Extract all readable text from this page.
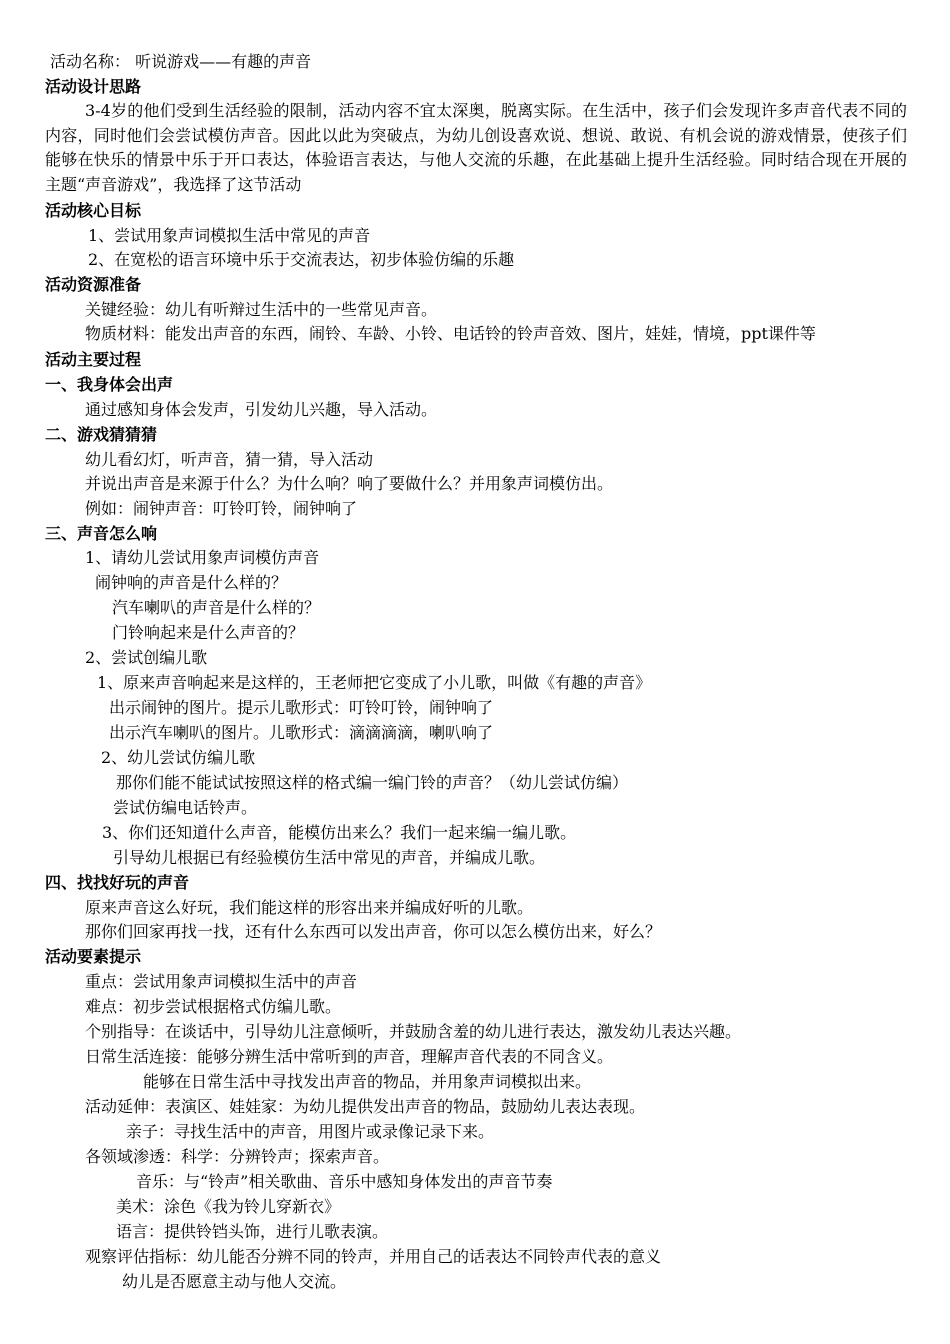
活动名称： 听说游戏——有趣的声音
活动设计思路
3-4岁的他们受到生活经验的限制，活动内容不宜太深奥，脱离实际。在生活中，孩子们会发现许多声音代表不同的内容，同时他们会尝试模仿声音。因此以此为突破点，为幼儿创设喜欢说、想说、敢说、有机会说的游戏情景，使孩子们能够在快乐的情景中乐于开口表达，体验语言表达，与他人交流的乐趣，在此基础上提升生活经验。同时结合现在开展的主题“声音游戏”，我选择了这节活动
活动核心目标
1、尝试用象声词模拟生活中常见的声音
2、在宽松的语言环境中乐于交流表达，初步体验仿编的乐趣
活动资源准备
关键经验：幼儿有听辩过生活中的一些常见声音。
物质材料：能发出声音的东西，闹铃、车龄、小铃、电话铃的铃声音效、图片，娃娃，情境，ppt课件等
活动主要过程
一、我身体会出声
通过感知身体会发声，引发幼儿兴趣，导入活动。
二、游戏猜猜猜
幼儿看幻灯，听声音，猜一猜，导入活动
并说出声音是来源于什么？为什么响？响了要做什么？并用象声词模仿出。
例如：闹钟声音：叮铃叮铃，闹钟响了
三、声音怎么响
1、请幼儿尝试用象声词模仿声音
闹钟响的声音是什么样的？
汽车喇叭的声音是什么样的？
门铃响起来是什么声音的？
2、尝试创编儿歌
1、原来声音响起来是这样的，王老师把它变成了小儿歌，叫做《有趣的声音》
出示闹钟的图片。提示儿歌形式：叮铃叮铃，闹钟响了
出示汽车喇叭的图片。儿歌形式：滴滴滴滴，喇叭响了
2、幼儿尝试仿编儿歌
那你们能不能试试按照这样的格式编一编门铃的声音？（幼儿尝试仿编）
尝试仿编电话铃声。
3、你们还知道什么声音，能模仿出来么？我们一起来编一编儿歌。
引导幼儿根据已有经验模仿生活中常见的声音，并编成儿歌。
四、找找好玩的声音
原来声音这么好玩，我们能这样的形容出来并编成好听的儿歌。
那你们回家再找一找，还有什么东西可以发出声音，你可以怎么模仿出来，好么？
活动要素提示
重点：尝试用象声词模拟生活中的声音
难点：初步尝试根据格式仿编儿歌。
个别指导：在谈话中，引导幼儿注意倾听，并鼓励含羞的幼儿进行表达，激发幼儿表达兴趣。
日常生活连接：能够分辨生活中常听到的声音，理解声音代表的不同含义。
能够在日常生活中寻找发出声音的物品，并用象声词模拟出来。
活动延伸：表演区、娃娃家：为幼儿提供发出声音的物品，鼓励幼儿表达表现。
亲子：寻找生活中的声音，用图片或录像记录下来。
各领域渗透：科学：分辨铃声；探索声音。
音乐：与“铃声”相关歌曲、音乐中感知身体发出的声音节奏
美术：涂色《我为铃儿穿新衣》
语言：提供铃铛头饰，进行儿歌表演。
观察评估指标：幼儿能否分辨不同的铃声，并用自己的话表达不同铃声代表的意义
幼儿是否愿意主动与他人交流。
